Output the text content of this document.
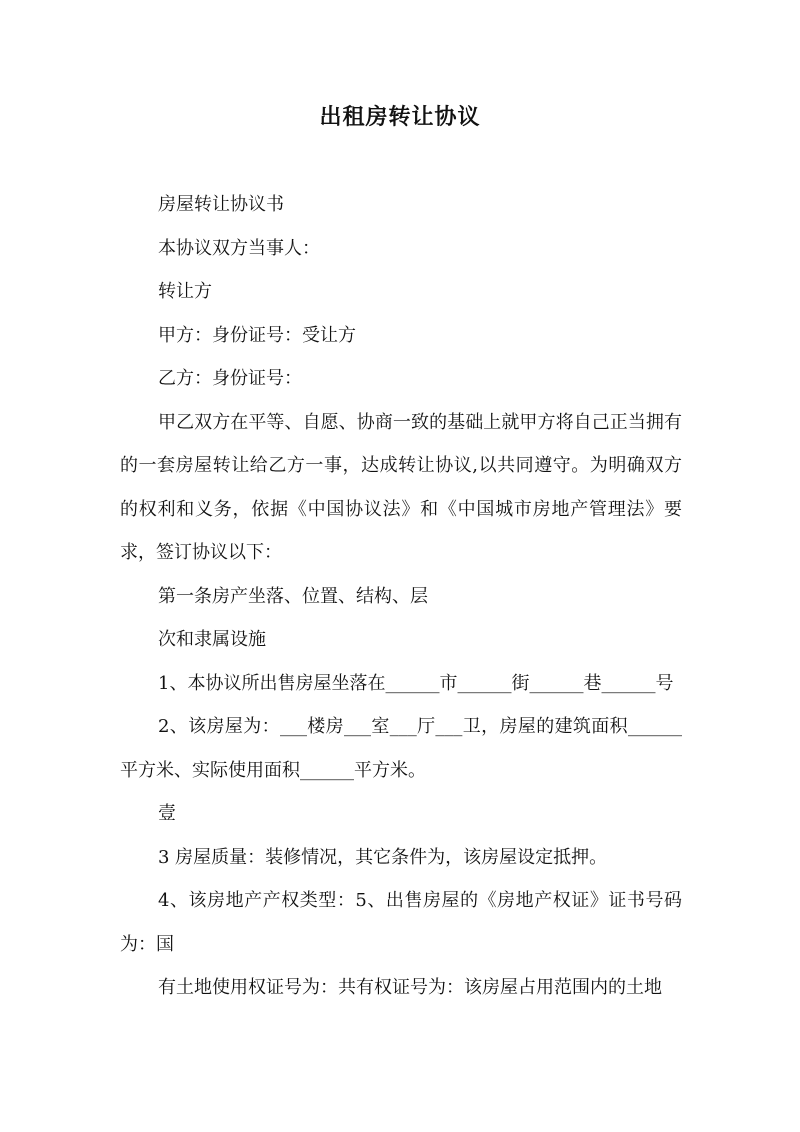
出租房转让协议

房屋转让协议书

本协议双方当事人：

转让方

甲方：身份证号：受让方

乙方：身份证号：

甲乙双方在平等、自愿、协商一致的基础上就甲方将自己正当拥有的一套房屋转让给乙方一事，达成转让协议,以共同遵守。为明确双方的权利和义务，依据《中国协议法》和《中国城市房地产管理法》要求，签订协议以下：

第一条房产坐落、位置、结构、层

次和隶属设施

1、本协议所出售房屋坐落在______市______街______巷______号

2、该房屋为：___楼房___室___厅___卫，房屋的建筑面积______平方米、实际使用面积______平方米。

壹

3 房屋质量：装修情况，其它条件为，该房屋设定抵押。

4、该房地产产权类型：5、出售房屋的《房地产权证》证书号码为：国

有土地使用权证号为：共有权证号为：该房屋占用范围内的土地
